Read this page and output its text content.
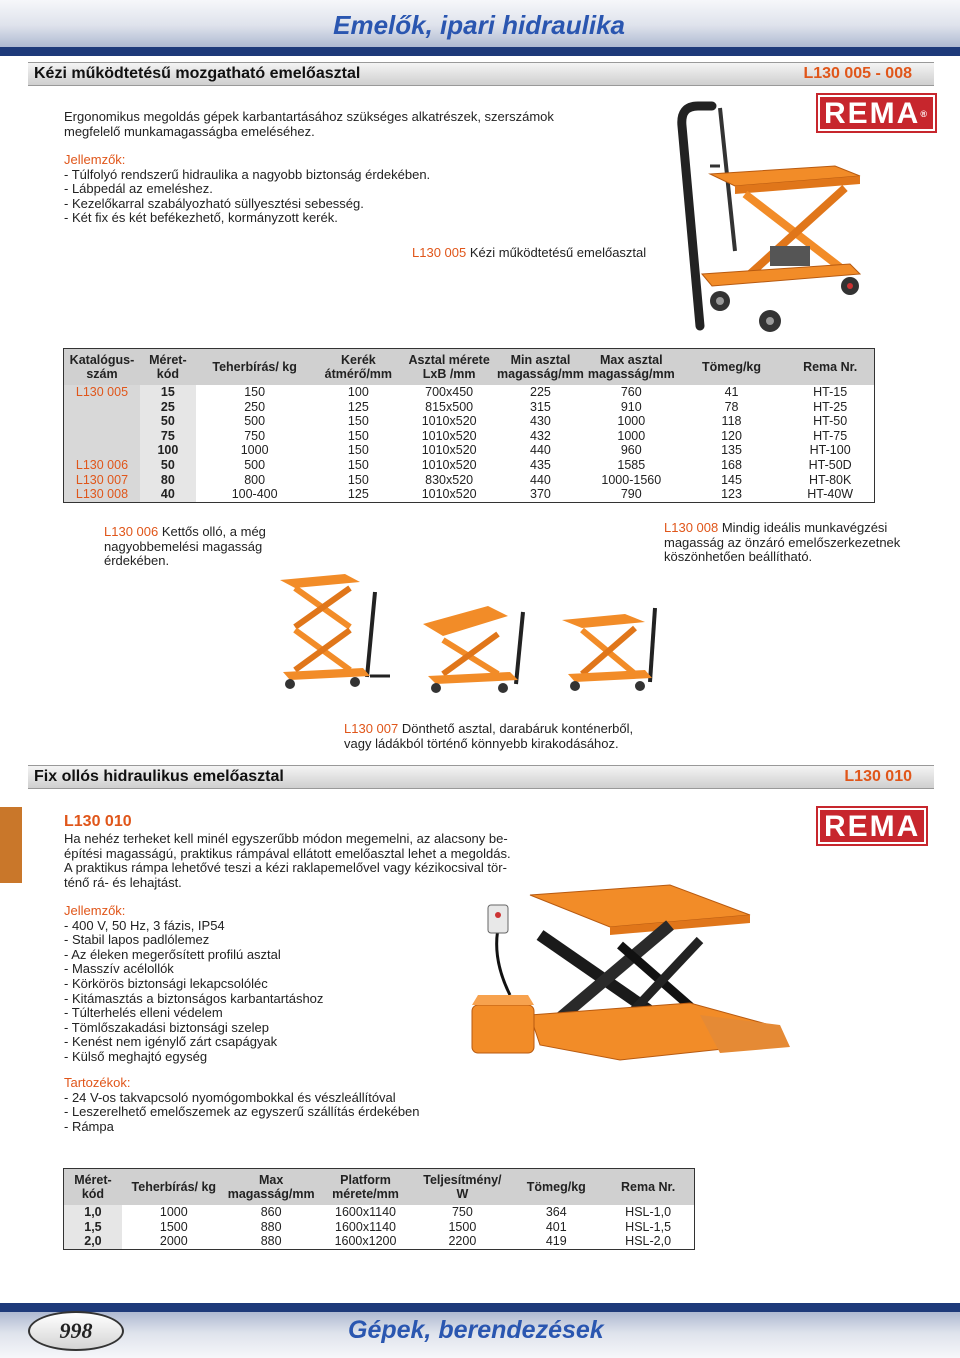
Emelők, ipari hidraulika
Kézi működtetésű mozgatható emelőasztal	L130 005 - 008

Ergonomikus megoldás gépek karbantartásához szükséges alkatrészek, szerszámok

megfelelő munkamagasságba emeléséhez.

Jellemzők:

- Túlfolyó rendszerű hidraulika a nagyobb biztonság érdekében.

- Lábpedál az emeléshez.

- Kezelőkarral szabályozható süllyesztési sebesség.

- Két fix és két befékezhető, kormányzott kerék.

REMA®
L130 005 Kézi működtetésű emelőasztal
Katalógus-szám	Méret-kód	Teherbírás/ kg	Kerék átmérő/mm	Asztal mérete LxB /mm	Min asztal magasság/mm	Max asztal magasság/mm	Tömeg/kg	Rema Nr.
L130 005	15	150	100	700x450	225	760	41	HT-15
	25	250	125	815x500	315	910	78	HT-25
	50	500	150	1010x520	430	1000	118	HT-50
	75	750	150	1010x520	432	1000	120	HT-75
	100	1000	150	1010x520	440	960	135	HT-100
L130 006	50	500	150	1010x520	435	1585	168	HT-50D
L130 007	80	800	150	830x520	440	1000-1560	145	HT-80K
L130 008	40	100-400	125	1010x520	370	790	123	HT-40W
L130 006 Kettős olló, a még
nagyobbemelési magasság
érdekében.
L130 008 Mindig ideális munkavégzési
magasság az önzáró emelőszerkezetnek
köszönhetően beállítható.
L130 007 Dönthető asztal, darabáruk konténerből,
vagy ládákból történő könnyebb kirakodásához.
Fix ollós hidraulikus emelőasztal	L130 010
L130 010

Ha nehéz terheket kell minél egyszerűbb módon megemelni, az alacsony be-

építési magasságú, praktikus rámpával ellátott emelőasztal lehet a megoldás.

A praktikus rámpa lehetővé teszi a kézi raklapemelővel vagy kézikocsival tör-

ténő rá- és lehajtást.

Jellemzők:

- 400 V, 50 Hz, 3 fázis, IP54

- Stabil lapos padlólemez

- Az éleken megerősített profilú asztal

- Masszív acélollók

- Körkörös biztonsági lekapcsolóléc

- Kitámasztás a biztonságos karbantartáshoz

- Túlterhelés elleni védelem

- Tömlőszakadási biztonsági szelep

- Kenést nem igénylő zárt csapágyak

- Külső meghajtó egység

Tartozékok:

- 24 V-os takvapcsoló nyomógombokkal és vészleállítóval

- Leszerelhető emelőszemek az egyszerű szállítás érdekében

- Rámpa

REMA
Méret-kód	Teherbírás/ kg	Max magasság/mm	Platform mérete/mm	Teljesítmény/ W	Tömeg/kg	Rema Nr.
1,0	1000	860	1600x1140	750	364	HSL-1,0
1,5	1500	880	1600x1140	1500	401	HSL-1,5
2,0	2000	880	1600x1200	2200	419	HSL-2,0
998	Gépek, berendezések
